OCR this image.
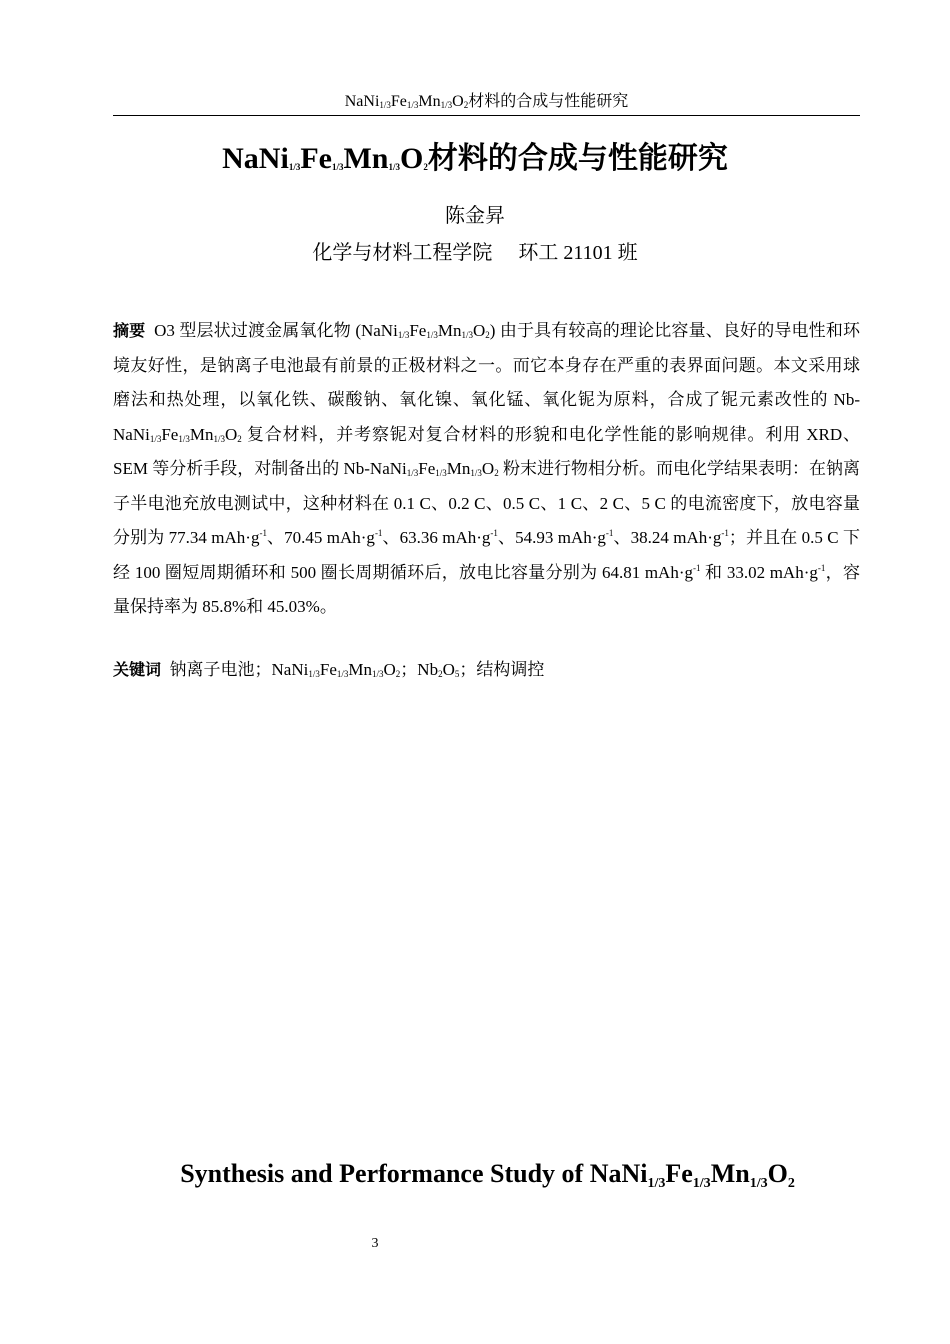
$NaNi_{1/3}Fe_{1/3}Mn_{1/3}O_2$材料的合成与性能研究
$NaNi_{1/3}Fe_{1/3}Mn_{1/3}O_2$材料的合成与性能研究
陈金昇
化学与材料工程学院 环工 21101 班
摘要 O3 型层状过渡金属氧化物 $(NaNi_{1/3}Fe_{1/3}Mn_{1/3}O_2)$ 由于具有较高的理论比容量、良好的导电性和环境友好性，是钠离子电池最有前景的正极材料之一。而它本身存在严重的表界面问题。本文采用球磨法和热处理，以氧化铁、碳酸钠、氧化镍、氧化锰、氧化铌为原料，合成了铌元素改性的 $Nb-NaNi_{1/3}Fe_{1/3}Mn_{1/3}O_2$ 复合材料，并考察铌对复合材料的形貌和电化学性能的影响规律。利用 XRD、SEM 等分析手段，对制备出的 $Nb-NaNi_{1/3}Fe_{1/3}Mn_{1/3}O_2$ 粉末进行物相分析。而电化学结果表明：在钠离子半电池充放电测试中，这种材料在 0.1 C、0.2 C、0.5 C、1 C、2 C、5 C 的电流密度下，放电容量分别为 77.34 $mAh\cdot g^{-1}$、70.45 $mAh\cdot g^{-1}$、63.36 $mAh\cdot g^{-1}$、54.93 $mAh\cdot g^{-1}$、38.24 $mAh\cdot g^{-1}$；并且在 0.5 C 下经 100 圈短周期循环和 500 圈长周期循环后，放电比容量分别为 64.81 $mAh\cdot g^{-1}$ 和 33.02 $mAh\cdot g^{-1}$，容量保持率为 85.8%和 45.03%。
关键词 钠离子电池；$NaNi_{1/3}Fe_{1/3}Mn_{1/3}O_2$；$Nb_2O_5$；结构调控
Synthesis and Performance Study of $NaNi_{1/3}Fe_{1/3}Mn_{1/3}O_2$
3
